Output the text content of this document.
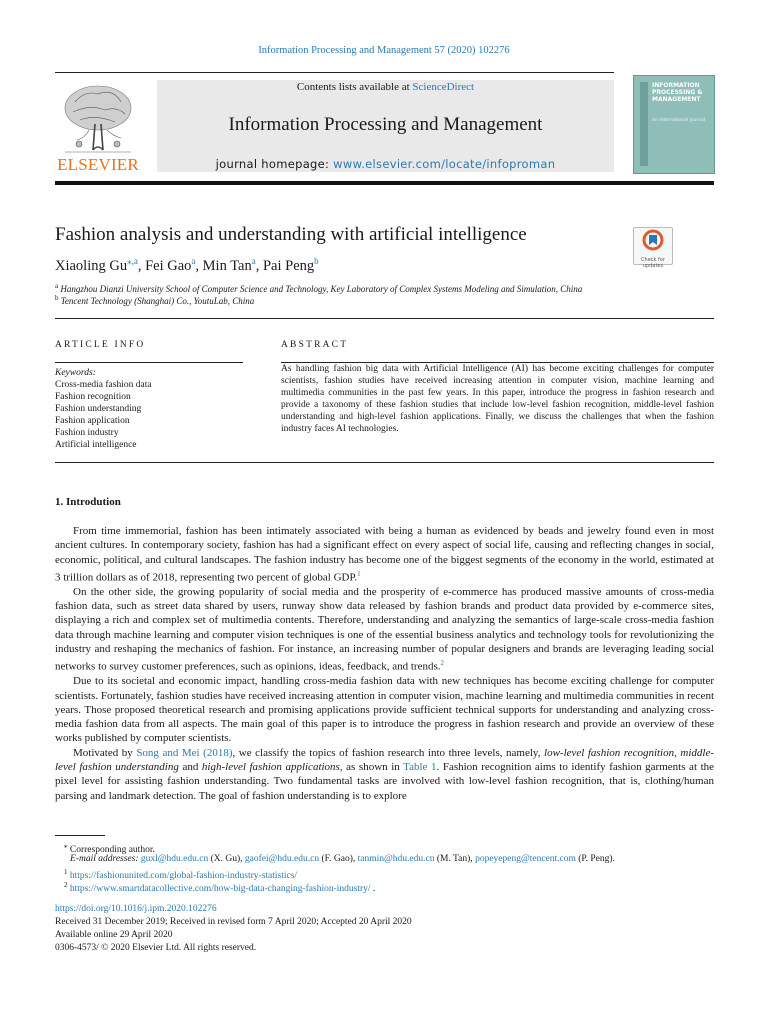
Information Processing and Management 57 (2020) 102276
ELSEVIER
Contents lists available at ScienceDirect
Information Processing and Management
journal homepage: www.elsevier.com/locate/infoproman
INFORMATION PROCESSING & MANAGEMENT
An International Journal
Fashion analysis and understanding with artificial intelligence
Check for updates
Xiaoling $Gu^{⁎,a}$, Fei Gao$^a$, Min Tan$^a$, Pai Peng$^b$
$^a$ Hangzhou Dianzi University School of Computer Science and Technology, Key Laboratory of Complex Systems Modeling and Simulation, China
$^b$ Tencent Technology (Shanghai) Co., YoutuLab, China
ARTICLE INFO
Keywords:
Cross-media fashion data
Fashion recognition
Fashion understanding
Fashion application
Fashion industry
Artificial intelligence
ABSTRACT
As handling fashion big data with Artificial Intelligence (AI) has become exciting challenges for computer scientists, fashion studies have received increasing attention in computer vision, machine learning and multimedia communities in the past few years. In this paper, introduce the progress in fashion research and provide a taxonomy of these fashion studies that include low-level fashion recognition, middle-level fashion understanding and high-level fashion applications. Finally, we discuss the challenges that when the fashion industry faces AI technologies.
1. Introdution

From time immemorial, fashion has been intimately associated with being a human as evidenced by beads and jewelry found even in most ancient cultures. In contemporary society, fashion has had a significant effect on every aspect of social life, causing and reflecting changes in social, economic, political, and cultural landscapes. The fashion industry has become one of the biggest segments of the economy in the world, estimated at 3 trillion dollars as of 2018, representing two percent of global GDP.$^1$

On the other side, the growing popularity of social media and the prosperity of e-commerce has produced massive amounts of cross-media fashion data, such as street data shared by users, runway show data released by fashion brands and product data provided by e-commerce sites, displaying a rich and complex set of multimedia contents. Therefore, understanding and analyzing the semantics of large-scale cross-media fashion data through machine learning and computer vision techniques is one of the essential business analytics and technology tools for revolutionizing the industry and reshaping the mechanics of fashion. For instance, an increasing number of popular designers and brands are leveraging leading social networks to survey customer preferences, such as opinions, ideas, feedback, and trends.$^2$

Due to its societal and economic impact, handling cross-media fashion data with new techniques has become exciting challenge for computer scientists. Fortunately, fashion studies have received increasing attention in computer vision, machine learning and multimedia communities in recent years. Those proposed theoretical research and promising applications provide sufficient technical supports for understanding and analyzing cross-media fashion data from all aspects. The main goal of this paper is to introduce the progress in fashion research and provide an overview of these works published by computer scientists.

Motivated by Song and Mei (2018), we classify the topics of fashion research into three levels, namely, low-level fashion recognition, middle-level fashion understanding and high-level fashion applications, as shown in Table 1. Fashion recognition aims to identify fashion garments at the pixel level for assisting fashion understanding. Two fundamental tasks are involved with low-level fashion recognition, that is, clothing/human parsing and landmark detection. The goal of fashion understanding is to explore

⁎ Corresponding author.
E-mail addresses: guxl@hdu.edu.cn (X. Gu), gaofei@hdu.edu.cn (F. Gao), tanmin@hdu.edu.cn (M. Tan), popeyepeng@tencent.com (P. Peng).
$^1$ https://fashionunited.com/global-fashion-industry-statistics/
$^2$ https://www.smartdatacollective.com/how-big-data-changing-fashion-industry/ .
https://doi.org/10.1016/j.ipm.2020.102276
Received 31 December 2019; Received in revised form 7 April 2020; Accepted 20 April 2020
Available online 29 April 2020
0306-4573/ © 2020 Elsevier Ltd. All rights reserved.
